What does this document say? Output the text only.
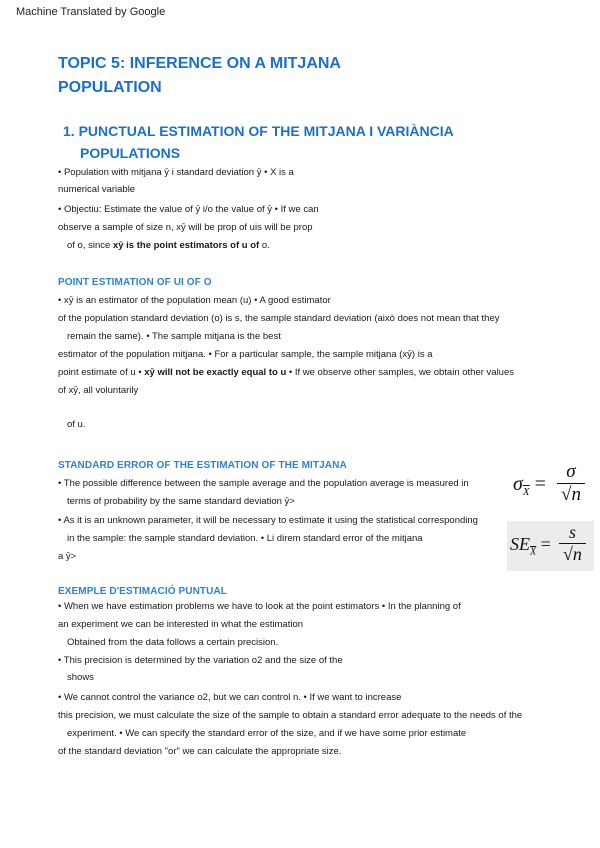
Machine Translated by Google
TOPIC 5: INFERENCE ON A MITJANA
POPULATION
1. PUNCTUAL ESTIMATION OF THE MITJANA I VARIÀNCIA
POPULATIONS
• Population with mitjana ȳ i standard deviation ȳ • X is a
numerical variable
• Objectiu: Estimate the value of ȳ i/o the value of ȳ • If we can
observe a sample of size n, xȳ will be prop of uis will be prop
of o, since xȳ is the point estimators of u of o.
POINT ESTIMATION OF UI OF O
• xȳ is an estimator of the population mean (u) • A good estimator
of the population standard deviation (o) is s, the sample standard deviation (això does not mean that they
remain the same). • The sample mitjana is the best
estimator of the population mitjana. • For a particular sample, the sample mitjana (xȳ) is a
point estimate of u • xȳ will not be exactly equal to u • If we observe other samples, we obtain other values
of xȳ, all voluntarily
of u.
STANDARD ERROR OF THE ESTIMATION OF THE MITJANA
• The possible difference between the sample average and the population average is measured in
terms of probability by the same standard deviation ȳ>
• As it is an unknown parameter, it will be necessary to estimate it using the statistical corresponding
in the sample: the sample standard deviation. • Li direm standard error of the mitjana
a ȳ>
$\sigma_{\overline{X}} = \frac{\sigma}{√n}$
$SE_{\overline{X}} = \frac{s}{√n}$
EXEMPLE D'ESTIMACIÓ PUNTUAL
• When we have estimation problems we have to look at the point estimators • In the planning of
an experiment we can be interested in what the estimation
Obtained from the data follows a certain precision.
• This precision is determined by the variation o2 and the size of the
shows
• We cannot control the variance o2, but we can control n. • If we want to increase
this precision, we must calculate the size of the sample to obtain a standard error adequate to the needs of the
experiment. • We can specify the standard error of the size, and if we have some prior estimate
of the standard deviation "or" we can calculate the appropriate size.
